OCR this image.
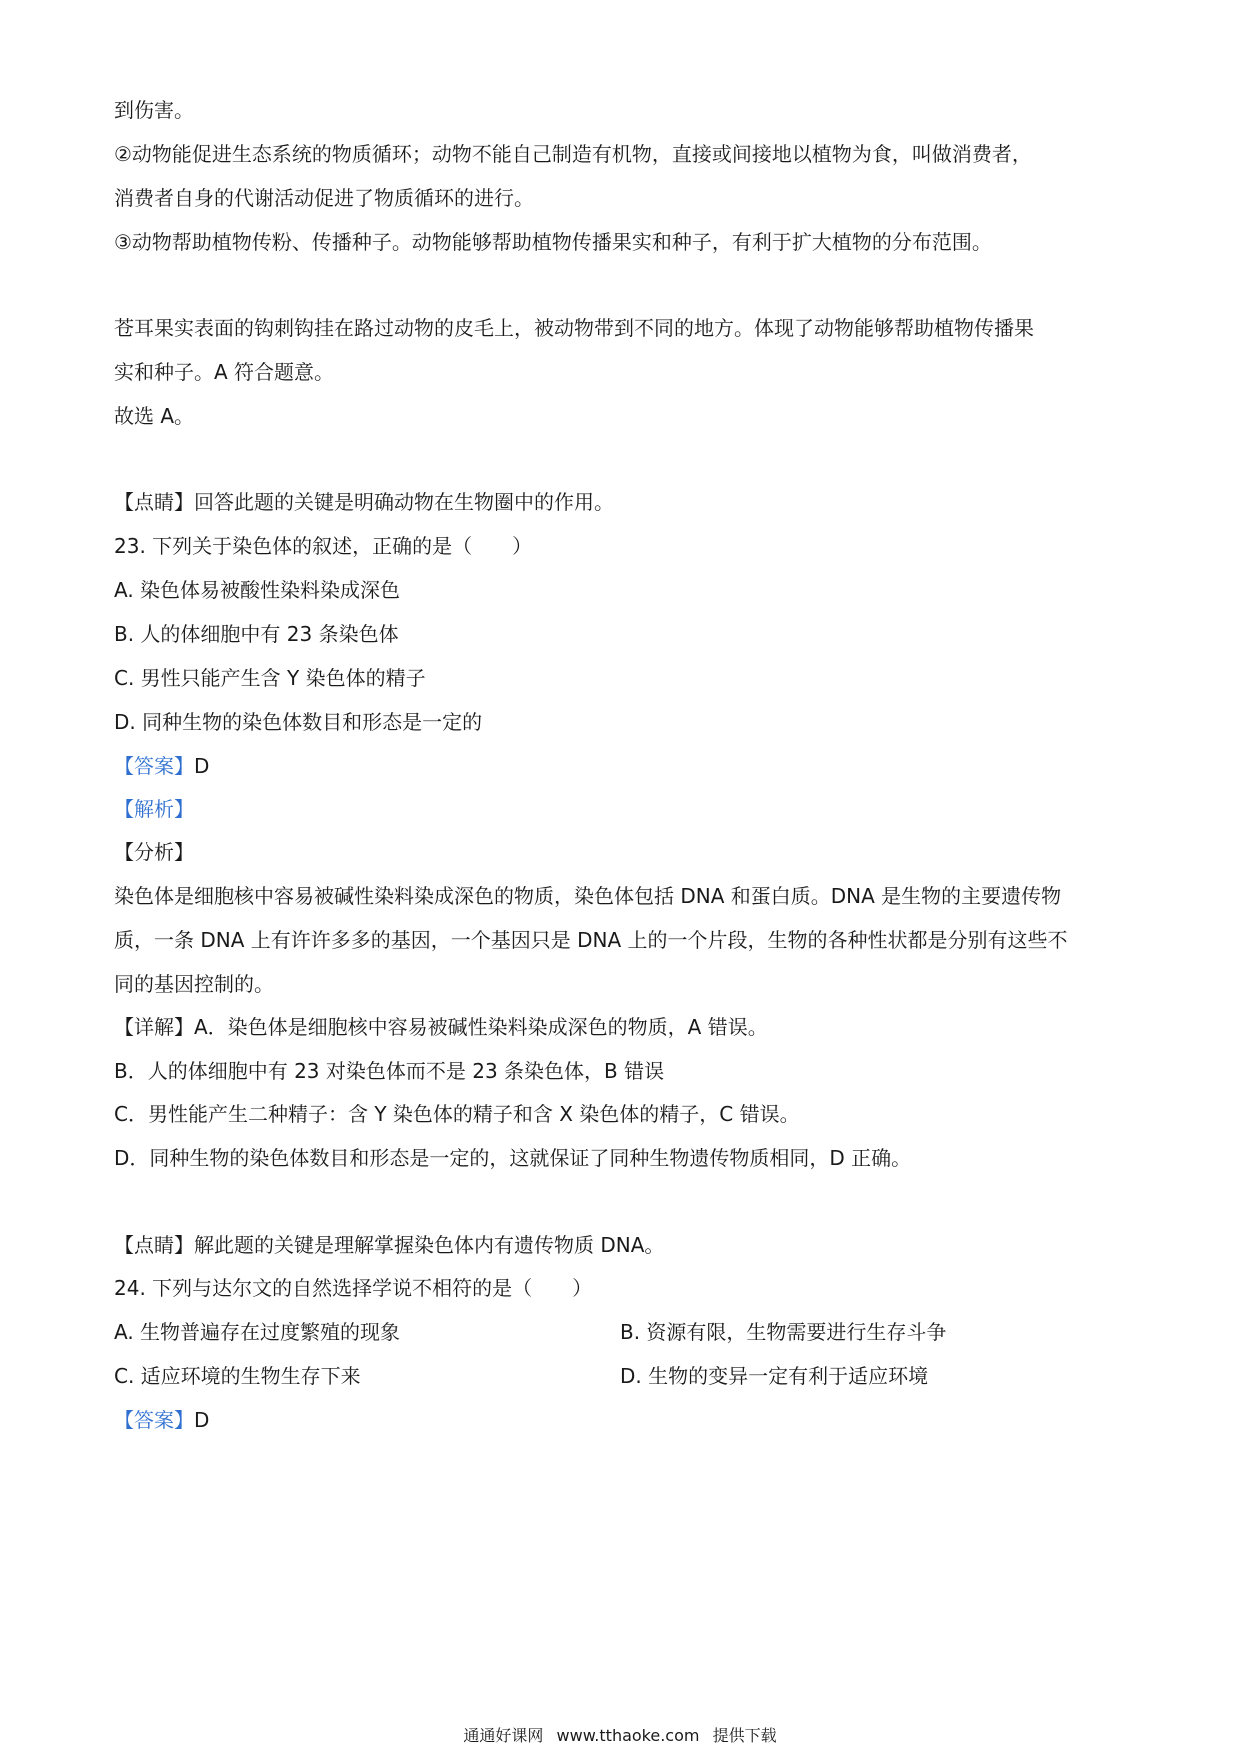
到伤害。

②动物能促进生态系统的物质循环；动物不能自己制造有机物，直接或间接地以植物为食，叫做消费者，

消费者自身的代谢活动促进了物质循环的进行。

③动物帮助植物传粉、传播种子。动物能够帮助植物传播果实和种子，有利于扩大植物的分布范围。

苍耳果实表面的钩刺钩挂在路过动物的皮毛上，被动物带到不同的地方。体现了动物能够帮助植物传播果

实和种子。A 符合题意。

故选 A。

【点睛】回答此题的关键是明确动物在生物圈中的作用。

23. 下列关于染色体的叙述，正确的是（　　）

A. 染色体易被酸性染料染成深色

B. 人的体细胞中有 23 条染色体

C. 男性只能产生含 Y 染色体的精子

D. 同种生物的染色体数目和形态是一定的

【答案】D

【解析】

【分析】

染色体是细胞核中容易被碱性染料染成深色的物质，染色体包括 DNA 和蛋白质。DNA 是生物的主要遗传物

质，一条 DNA 上有许许多多的基因，一个基因只是 DNA 上的一个片段，生物的各种性状都是分别有这些不

同的基因控制的。

【详解】A．染色体是细胞核中容易被碱性染料染成深色的物质，A 错误。

B．人的体细胞中有 23 对染色体而不是 23 条染色体，B 错误

C．男性能产生二种精子：含 Y 染色体的精子和含 X 染色体的精子，C 错误。

D．同种生物的染色体数目和形态是一定的，这就保证了同种生物遗传物质相同，D 正确。

【点睛】解此题的关键是理解掌握染色体内有遗传物质 DNA。

24. 下列与达尔文的自然选择学说不相符的是（　　）

A. 生物普遍存在过度繁殖的现象	B. 资源有限，生物需要进行生存斗争

C. 适应环境的生物生存下来	D. 生物的变异一定有利于适应环境

【答案】D

通通好课网 www.tthaoke.com 提供下载
